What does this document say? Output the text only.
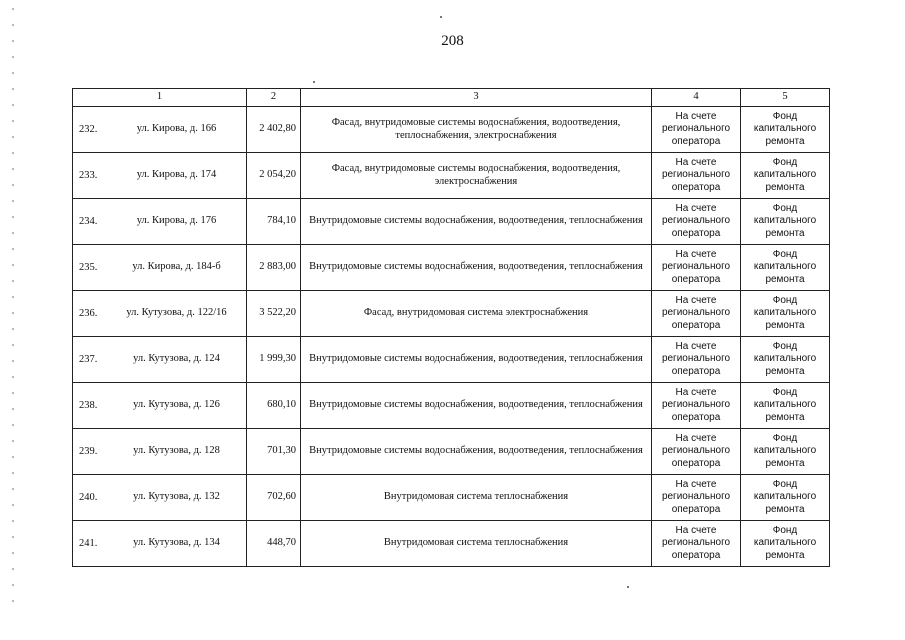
208
1	2	3	4	5

232. ул. Кирова, д. 166	2 402,80	Фасад, внутридомовые системы водоснабжения, водоотведения, теплоснабжения, электроснабжения	На счете регионального оператора	Фонд капитального ремонта

233. ул. Кирова, д. 174	2 054,20	Фасад, внутридомовые системы водоснабжения, водоотведения, электроснабжения	На счете регионального оператора	Фонд капитального ремонта

234. ул. Кирова, д. 176	784,10	Внутридомовые системы водоснабжения, водоотведения, теплоснабжения	На счете регионального оператора	Фонд капитального ремонта

235. ул. Кирова, д. 184-б	2 883,00	Внутридомовые системы водоснабжения, водоотведения, теплоснабжения	На счете регионального оператора	Фонд капитального ремонта

236. ул. Кутузова, д. 122/16	3 522,20	Фасад, внутридомовая система электроснабжения	На счете регионального оператора	Фонд капитального ремонта

237. ул. Кутузова, д. 124	1 999,30	Внутридомовые системы водоснабжения, водоотведения, теплоснабжения	На счете регионального оператора	Фонд капитального ремонта

238. ул. Кутузова, д. 126	680,10	Внутридомовые системы водоснабжения, водоотведения, теплоснабжения	На счете регионального оператора	Фонд капитального ремонта

239. ул. Кутузова, д. 128	701,30	Внутридомовые системы водоснабжения, водоотведения, теплоснабжения	На счете регионального оператора	Фонд капитального ремонта

240. ул. Кутузова, д. 132	702,60	Внутридомовая система теплоснабжения	На счете регионального оператора	Фонд капитального ремонта

241. ул. Кутузова, д. 134	448,70	Внутридомовая система теплоснабжения	На счете регионального оператора	Фонд капитального ремонта
